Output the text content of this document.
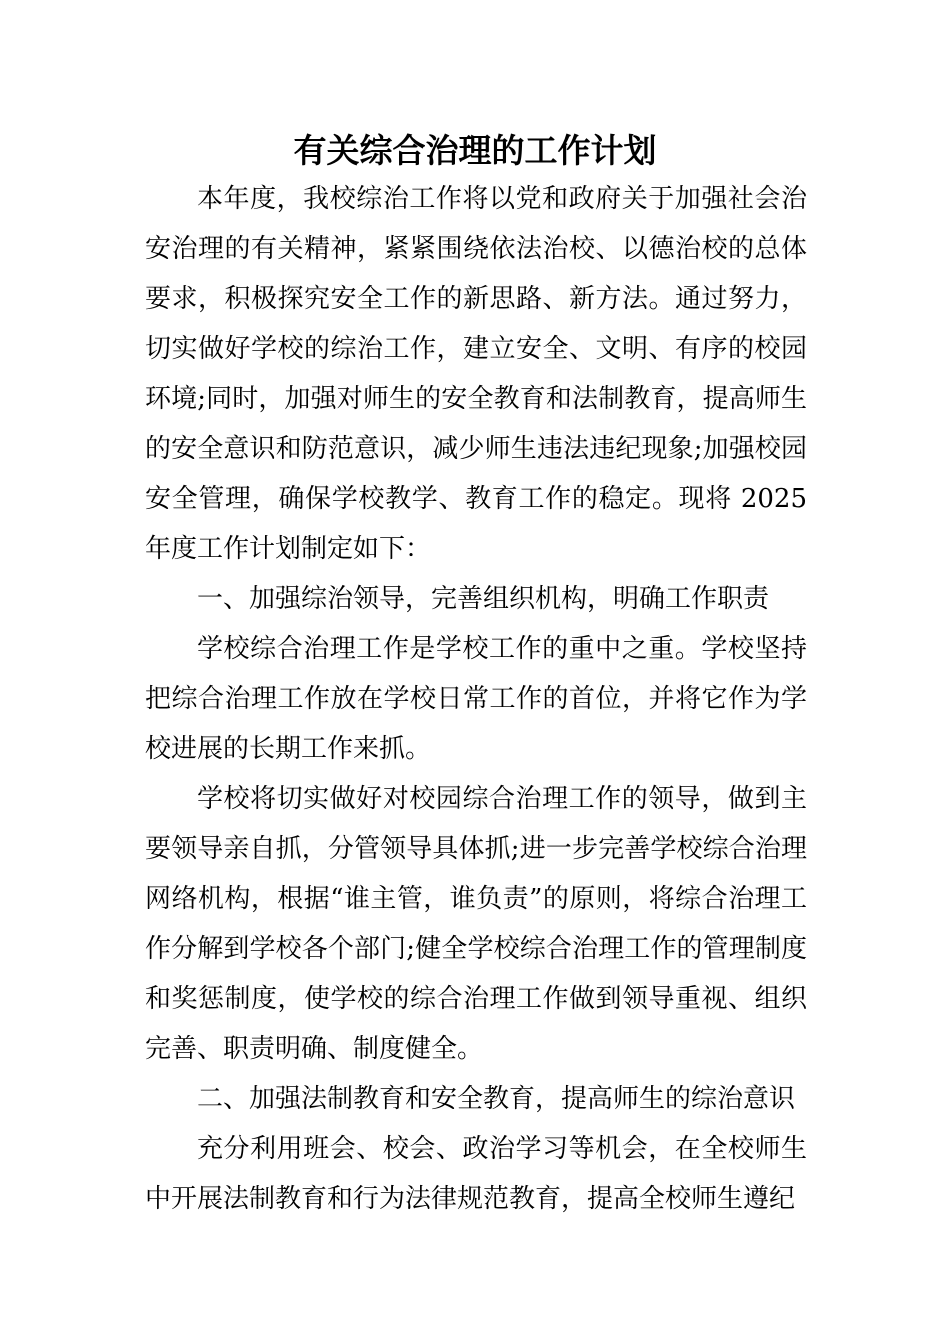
有关综合治理的工作计划

本年度，我校综治工作将以党和政府关于加强社会治安治理的有关精神，紧紧围绕依法治校、以德治校的总体要求，积极探究安全工作的新思路、新方法。通过努力，切实做好学校的综治工作，建立安全、文明、有序的校园环境;同时，加强对师生的安全教育和法制教育，提高师生的安全意识和防范意识，减少师生违法违纪现象;加强校园安全管理，确保学校教学、教育工作的稳定。现将 2025 年度工作计划制定如下：

一、加强综治领导，完善组织机构，明确工作职责

学校综合治理工作是学校工作的重中之重。学校坚持把综合治理工作放在学校日常工作的首位，并将它作为学校进展的长期工作来抓。

学校将切实做好对校园综合治理工作的领导，做到主要领导亲自抓，分管领导具体抓;进一步完善学校综合治理网络机构，根据“谁主管，谁负责”的原则，将综合治理工作分解到学校各个部门;健全学校综合治理工作的管理制度和奖惩制度，使学校的综合治理工作做到领导重视、组织完善、职责明确、制度健全。

二、加强法制教育和安全教育，提高师生的综治意识

充分利用班会、校会、政治学习等机会，在全校师生中开展法制教育和行为法律规范教育，提高全校师生遵纪
